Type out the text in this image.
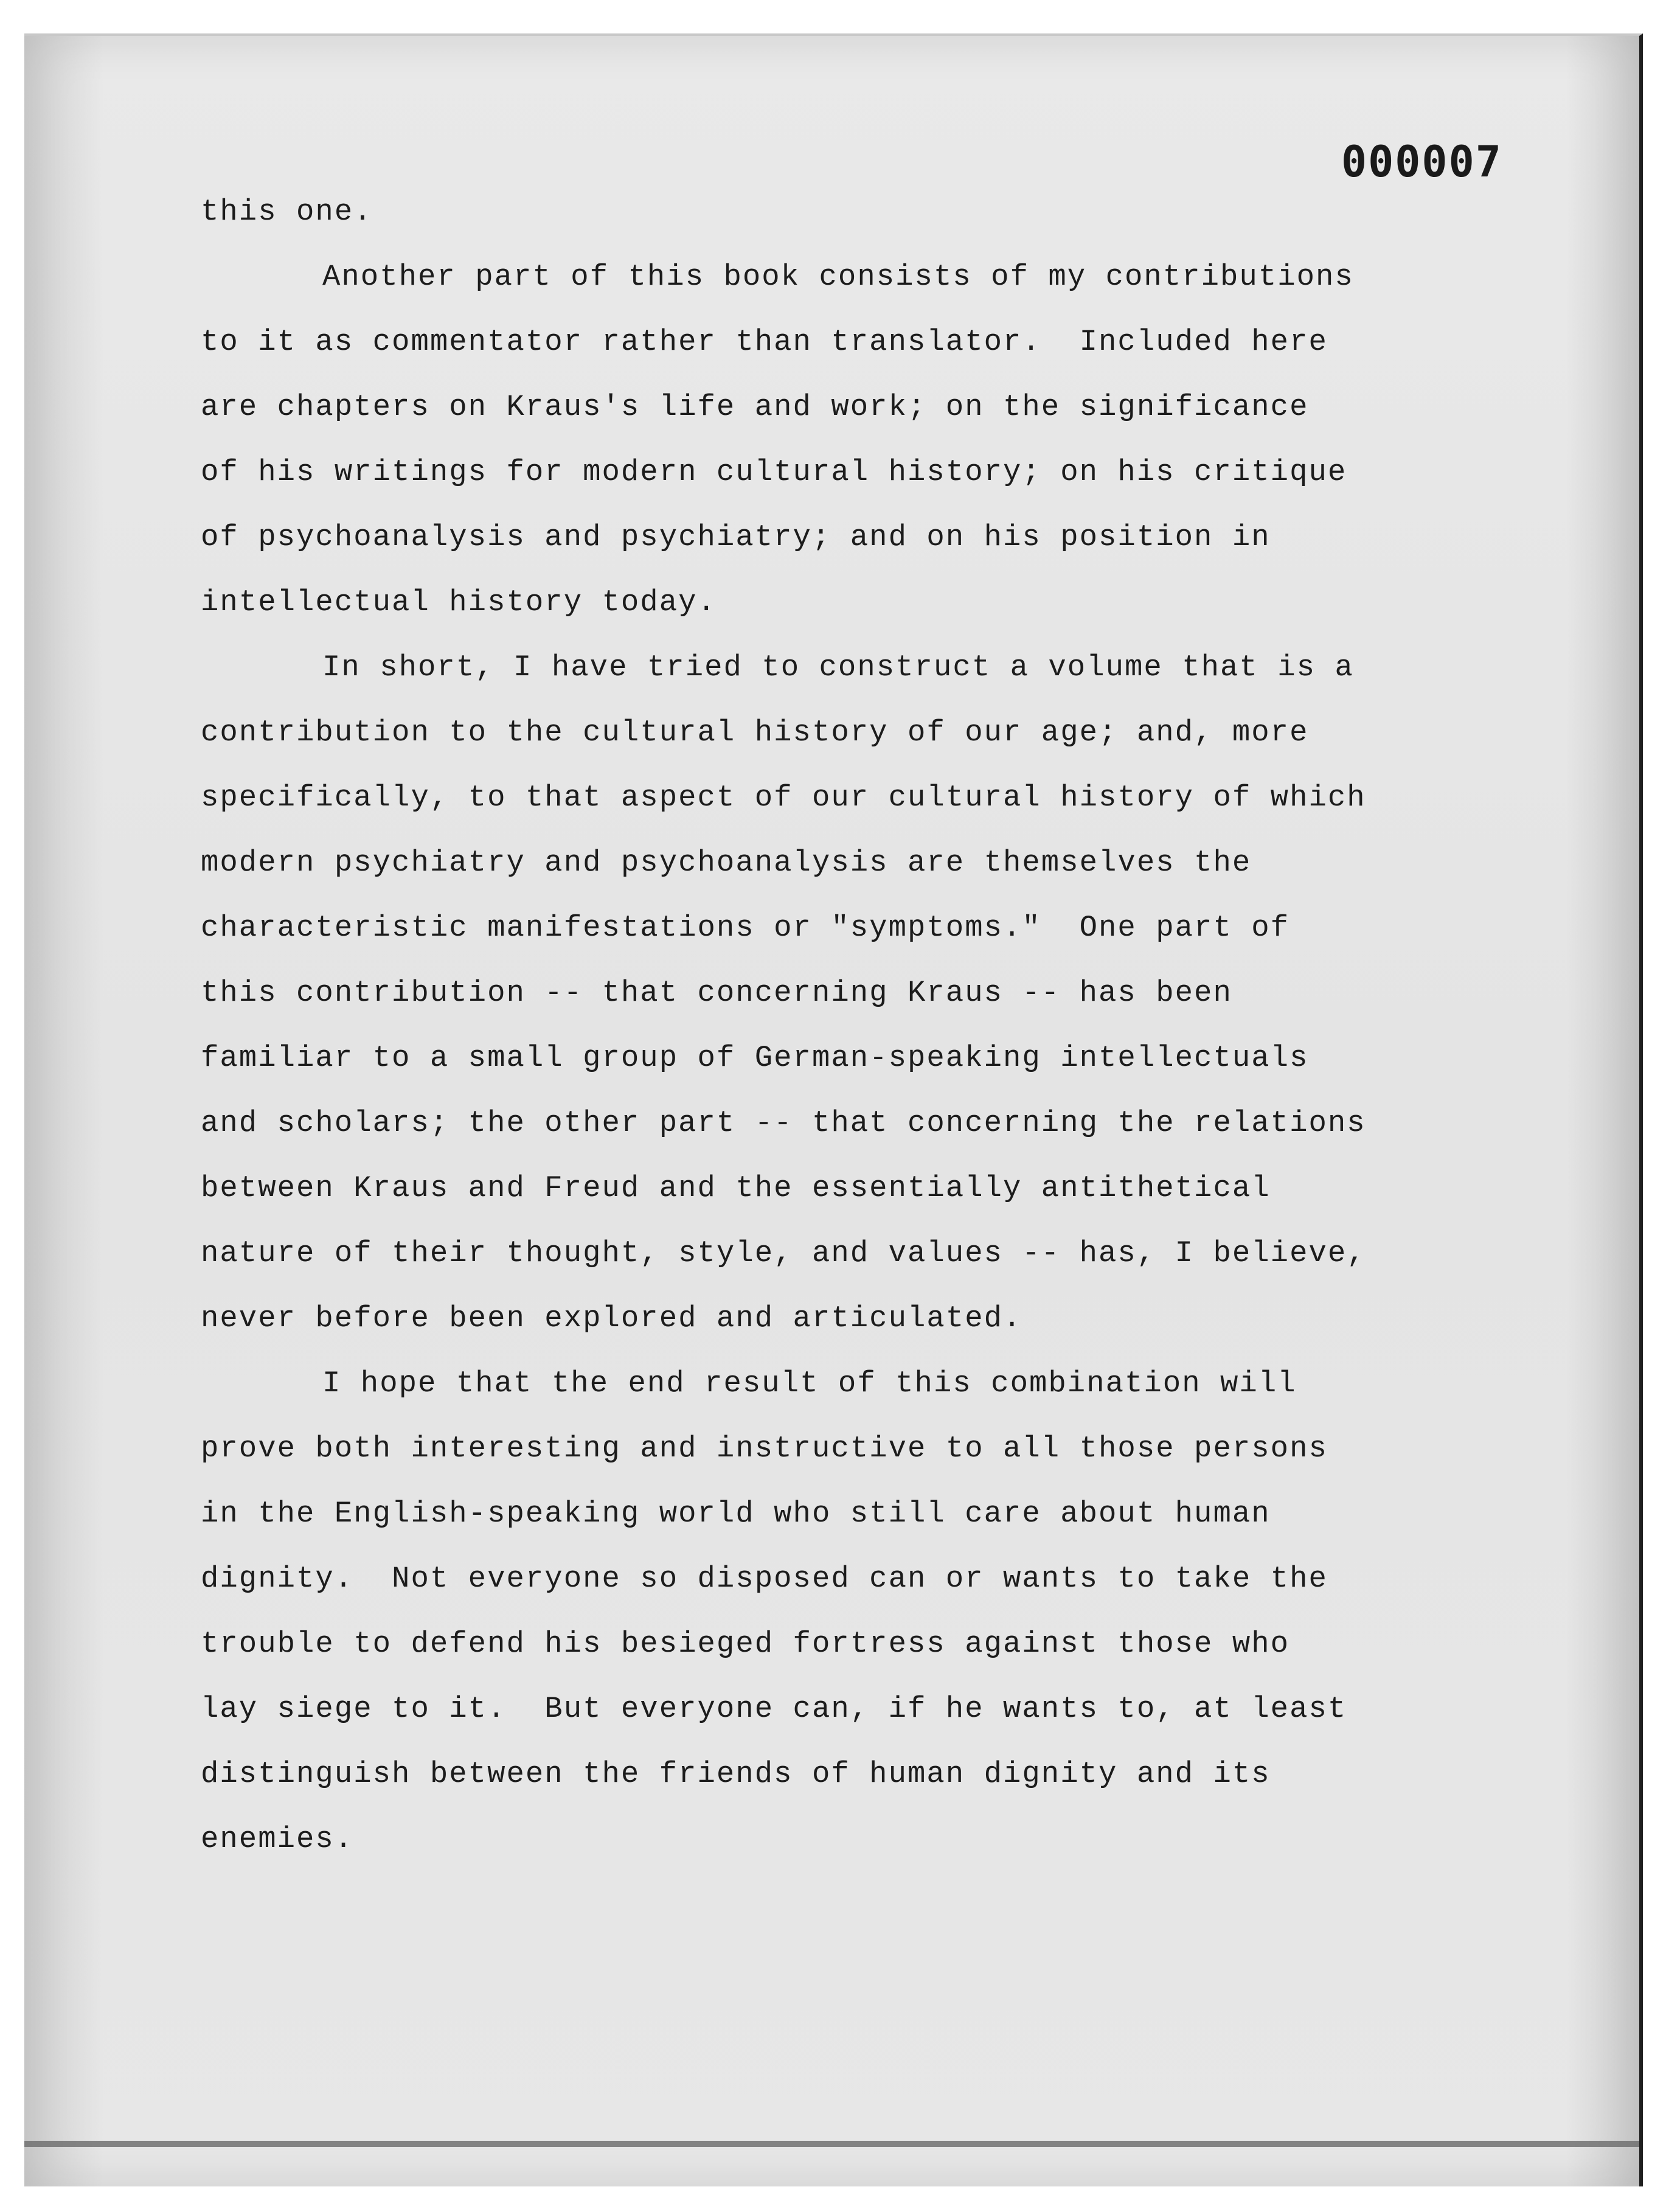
000007
this one.
Another part of this book consists of my contributions
to it as commentator rather than translator.  Included here
are chapters on Kraus's life and work; on the significance
of his writings for modern cultural history; on his critique
of psychoanalysis and psychiatry; and on his position in
intellectual history today.
In short, I have tried to construct a volume that is a
contribution to the cultural history of our age; and, more
specifically, to that aspect of our cultural history of which
modern psychiatry and psychoanalysis are themselves the
characteristic manifestations or "symptoms."  One part of
this contribution -- that concerning Kraus -- has been
familiar to a small group of German-speaking intellectuals
and scholars; the other part -- that concerning the relations
between Kraus and Freud and the essentially antithetical
nature of their thought, style, and values -- has, I believe,
never before been explored and articulated.
I hope that the end result of this combination will
prove both interesting and instructive to all those persons
in the English-speaking world who still care about human
dignity.  Not everyone so disposed can or wants to take the
trouble to defend his besieged fortress against those who
lay siege to it.  But everyone can, if he wants to, at least
distinguish between the friends of human dignity and its
enemies.
